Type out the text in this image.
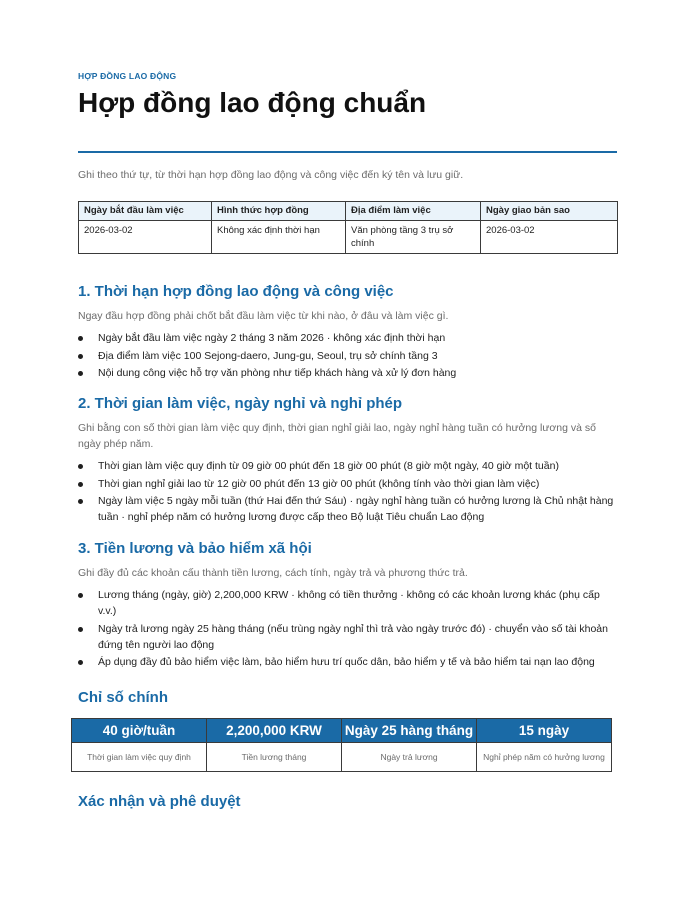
HỢP ĐỒNG LAO ĐỘNG
Hợp đồng lao động chuẩn
Ghi theo thứ tự, từ thời hạn hợp đồng lao động và công việc đến ký tên và lưu giữ.
Ngày bắt đầu làm việc	Hình thức hợp đồng	Địa điểm làm việc	Ngày giao bản sao
2026-03-02	Không xác định thời hạn	Văn phòng tầng 3 trụ sở chính	2026-03-02
1. Thời hạn hợp đồng lao động và công việc

Ngay đầu hợp đồng phải chốt bắt đầu làm việc từ khi nào, ở đâu và làm việc gì.

Ngày bắt đầu làm việc ngày 2 tháng 3 năm 2026 · không xác định thời hạn
Địa điểm làm việc 100 Sejong-daero, Jung-gu, Seoul, trụ sở chính tầng 3
Nội dung công việc hỗ trợ văn phòng như tiếp khách hàng và xử lý đơn hàng
2. Thời gian làm việc, ngày nghỉ và nghỉ phép

Ghi bằng con số thời gian làm việc quy định, thời gian nghỉ giải lao, ngày nghỉ hàng tuần có hưởng lương và số ngày phép năm.

Thời gian làm việc quy định từ 09 giờ 00 phút đến 18 giờ 00 phút (8 giờ một ngày, 40 giờ một tuần)
Thời gian nghỉ giải lao từ 12 giờ 00 phút đến 13 giờ 00 phút (không tính vào thời gian làm việc)
Ngày làm việc 5 ngày mỗi tuần (thứ Hai đến thứ Sáu) · ngày nghỉ hàng tuần có hưởng lương là Chủ nhật hàng tuần · nghỉ phép năm có hưởng lương được cấp theo Bộ luật Tiêu chuẩn Lao động
3. Tiền lương và bảo hiểm xã hội

Ghi đầy đủ các khoản cấu thành tiền lương, cách tính, ngày trả và phương thức trả.

Lương tháng (ngày, giờ) 2,200,000 KRW · không có tiền thưởng · không có các khoản lương khác (phụ cấp v.v.)
Ngày trả lương ngày 25 hàng tháng (nếu trùng ngày nghỉ thì trả vào ngày trước đó) · chuyển vào số tài khoản đứng tên người lao động
Áp dụng đầy đủ bảo hiểm việc làm, bảo hiểm hưu trí quốc dân, bảo hiểm y tế và bảo hiểm tai nạn lao động
Chỉ số chính
40 giờ/tuần	2,200,000 KRW	Ngày 25 hàng tháng	15 ngày
Thời gian làm việc quy định	Tiền lương tháng	Ngày trả lương	Nghỉ phép năm có hưởng lương
Xác nhận và phê duyệt
